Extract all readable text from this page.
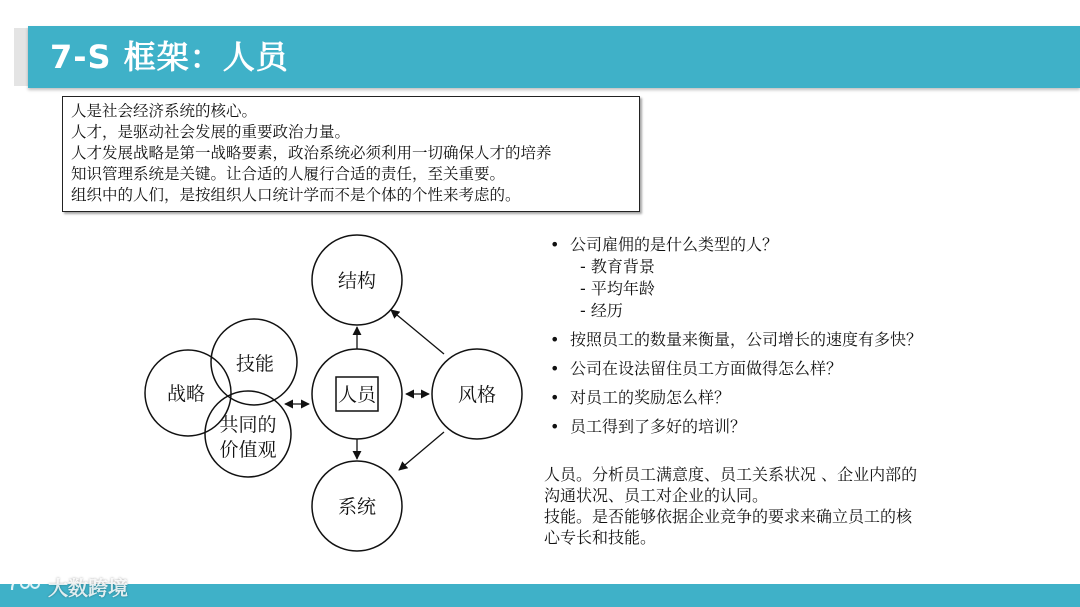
7-S 框架：人员
人是社会经济系统的核心。
人才，是驱动社会发展的重要政治力量。
人才发展战略是第一战略要素，政治系统必须利用一切确保人才的培养
知识管理系统是关键。让合适的人履行合适的责任，至关重要。
组织中的人们，是按组织人口统计学而不是个体的个性来考虑的。
结构
技能
战略	人员	风格
共同的
价值观
系统
• 公司雇佣的是什么类型的人？
- 教育背景
- 平均年龄
- 经历
• 按照员工的数量来衡量，公司增长的速度有多快？
• 公司在设法留住员工方面做得怎么样？
• 对员工的奖励怎么样？
• 员工得到了多好的培训？
人员。分析员工满意度、员工关系状况 、企业内部的
沟通状况、员工对企业的认同。
技能。是否能够依据企业竞争的要求来确立员工的核
心专长和技能。
大数跨境
